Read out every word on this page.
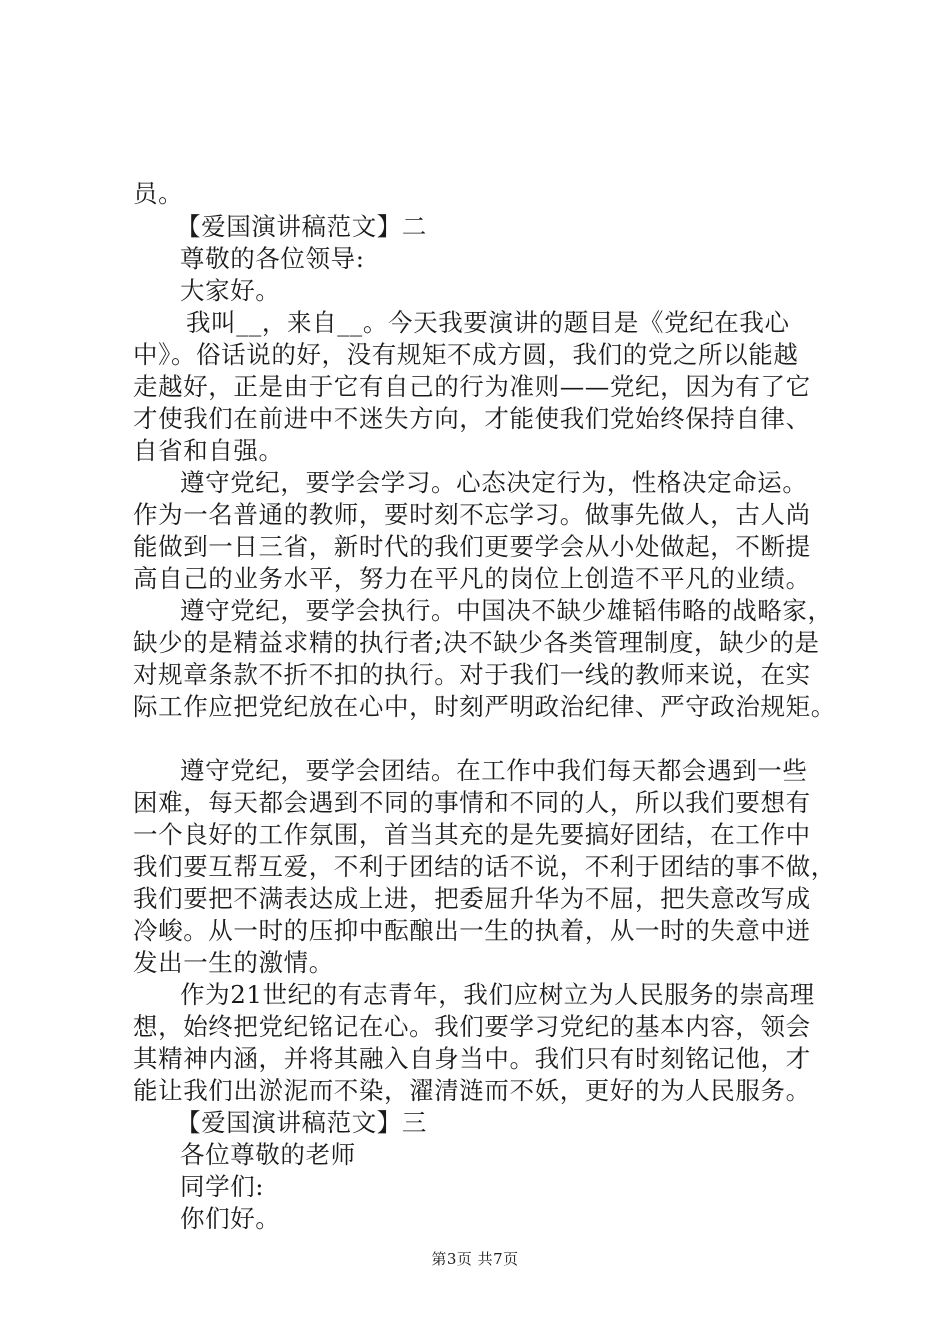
员。
【爱国演讲稿范文】二
尊敬的各位领导:
大家好。
我叫__，来自__。今天我要演讲的题目是《党纪在我心
中》。俗话说的好，没有规矩不成方圆，我们的党之所以能越
走越好，正是由于它有自己的行为准则——党纪，因为有了它
才使我们在前进中不迷失方向，才能使我们党始终保持自律、
自省和自强。
遵守党纪，要学会学习。心态决定行为，性格决定命运。
作为一名普通的教师，要时刻不忘学习。做事先做人，古人尚
能做到一日三省，新时代的我们更要学会从小处做起，不断提
高自己的业务水平，努力在平凡的岗位上创造不平凡的业绩。
遵守党纪，要学会执行。中国决不缺少雄韬伟略的战略家，
缺少的是精益求精的执行者;决不缺少各类管理制度，缺少的是
对规章条款不折不扣的执行。对于我们一线的教师来说，在实
际工作应把党纪放在心中，时刻严明政治纪律、严守政治规矩。
遵守党纪，要学会团结。在工作中我们每天都会遇到一些
困难，每天都会遇到不同的事情和不同的人，所以我们要想有
一个良好的工作氛围，首当其充的是先要搞好团结，在工作中
我们要互帮互爱，不利于团结的话不说，不利于团结的事不做，
我们要把不满表达成上进，把委屈升华为不屈，把失意改写成
冷峻。从一时的压抑中酝酿出一生的执着，从一时的失意中迸
发出一生的激情。
作为21世纪的有志青年，我们应树立为人民服务的崇高理
想，始终把党纪铭记在心。我们要学习党纪的基本内容，领会
其精神内涵，并将其融入自身当中。我们只有时刻铭记他，才
能让我们出淤泥而不染，濯清涟而不妖，更好的为人民服务。
【爱国演讲稿范文】三
各位尊敬的老师
同学们:
你们好。
第3页 共7页
